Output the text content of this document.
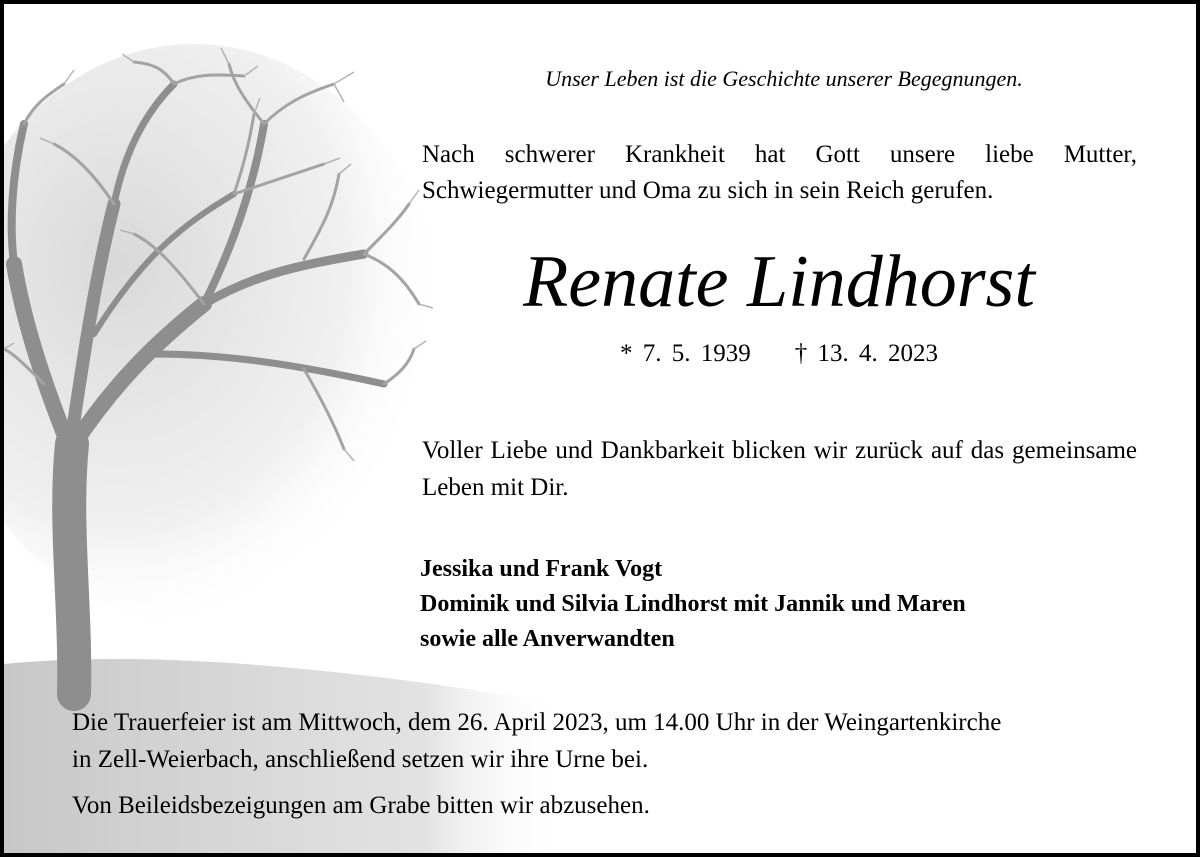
Unser Leben ist die Geschichte unserer Begegnungen.
Nach schwerer Krankheit hat Gott unsere liebe Mutter, Schwiegermutter und Oma zu sich in sein Reich gerufen.
Renate Lindhorst
* 7. 5. 1939 † 13. 4. 2023
Voller Liebe und Dankbarkeit blicken wir zurück auf das gemeinsame Leben mit Dir.
Jessika und Frank Vogt
Dominik und Silvia Lindhorst mit Jannik und Maren
sowie alle Anverwandten
Die Trauerfeier ist am Mittwoch, dem 26. April 2023, um 14.00 Uhr in der Weingartenkirche
in Zell-Weierbach, anschließend setzen wir ihre Urne bei.
Von Beileidsbezeigungen am Grabe bitten wir abzusehen.
